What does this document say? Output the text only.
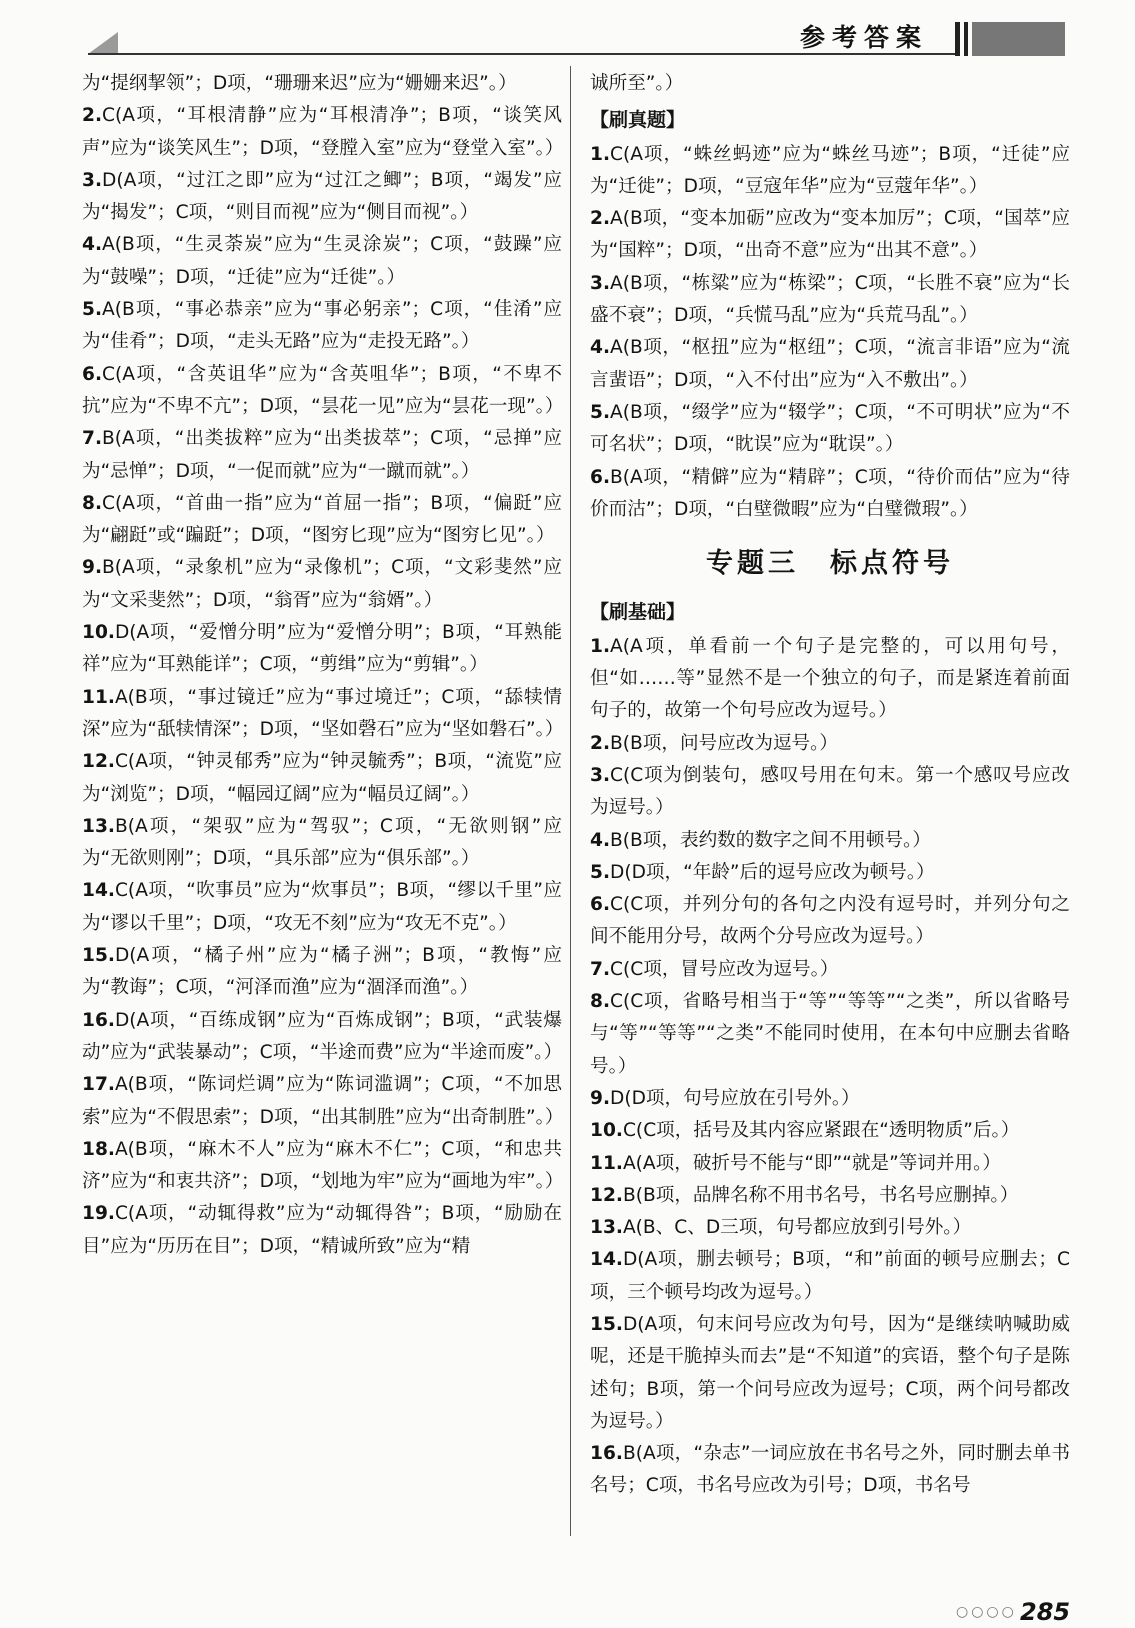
参考答案

为“提纲挈领”；D项，“珊珊来迟”应为“姗姗来迟”。）

2.C(A项，“耳根清静”应为“耳根清净”；B项，“谈笑风声”应为“谈笑风生”；D项，“登膛入室”应为“登堂入室”。）

3.D(A项，“过江之即”应为“过江之鲫”；B项，“竭发”应为“揭发”；C项，“则目而视”应为“侧目而视”。）

4.A(B项，“生灵荼炭”应为“生灵涂炭”；C项，“鼓躁”应为“鼓噪”；D项，“迁徒”应为“迁徙”。）

5.A(B项，“事必恭亲”应为“事必躬亲”；C项，“佳淆”应为“佳肴”；D项，“走头无路”应为“走投无路”。）

6.C(A项，“含英诅华”应为“含英咀华”；B项，“不卑不抗”应为“不卑不亢”；D项，“昙花一见”应为“昙花一现”。）

7.B(A项，“出类拔粹”应为“出类拔萃”；C项，“忌掸”应为“忌惮”；D项，“一促而就”应为“一蹴而就”。）

8.C(A项，“首曲一指”应为“首屈一指”；B项，“偏跹”应为“翩跹”或“蹁跹”；D项，“图穷匕现”应为“图穷匕见”。）

9.B(A项，“录象机”应为“录像机”；C项，“文彩斐然”应为“文采斐然”；D项，“翁胥”应为“翁婿”。）

10.D(A项，“爱憎分明”应为“爱憎分明”；B项，“耳熟能祥”应为“耳熟能详”；C项，“剪缉”应为“剪辑”。）

11.A(B项，“事过镜迁”应为“事过境迁”；C项，“舔犊情深”应为“舐犊情深”；D项，“坚如磬石”应为“坚如磐石”。）

12.C(A项，“钟灵郁秀”应为“钟灵毓秀”；B项，“流览”应为“浏览”；D项，“幅园辽阔”应为“幅员辽阔”。）

13.B(A项，“架驭”应为“驾驭”；C项，“无欲则钢”应为“无欲则刚”；D项，“具乐部”应为“俱乐部”。）

14.C(A项，“吹事员”应为“炊事员”；B项，“缪以千里”应为“谬以千里”；D项，“攻无不刻”应为“攻无不克”。）

15.D(A项，“橘子州”应为“橘子洲”；B项，“教悔”应为“教诲”；C项，“河泽而渔”应为“涸泽而渔”。）

16.D(A项，“百练成钢”应为“百炼成钢”；B项，“武装爆动”应为“武装暴动”；C项，“半途而费”应为“半途而废”。）

17.A(B项，“陈词烂调”应为“陈词滥调”；C项，“不加思索”应为“不假思索”；D项，“出其制胜”应为“出奇制胜”。）

18.A(B项，“麻木不人”应为“麻木不仁”；C项，“和忠共济”应为“和衷共济”；D项，“划地为牢”应为“画地为牢”。）

19.C(A项，“动辄得救”应为“动辄得咎”；B项，“励励在目”应为“历历在目”；D项，“精诚所致”应为“精

诚所至”。）

【刷真题】

1.C(A项，“蛛丝蚂迹”应为“蛛丝马迹”；B项，“迁徒”应为“迁徙”；D项，“豆寇年华”应为“豆蔻年华”。）

2.A(B项，“变本加砺”应改为“变本加厉”；C项，“国萃”应为“国粹”；D项，“出奇不意”应为“出其不意”。）

3.A(B项，“栋粱”应为“栋梁”；C项，“长胜不衰”应为“长盛不衰”；D项，“兵慌马乱”应为“兵荒马乱”。）

4.A(B项，“枢扭”应为“枢纽”；C项，“流言非语”应为“流言蜚语”；D项，“入不付出”应为“入不敷出”。）

5.A(B项，“缀学”应为“辍学”；C项，“不可明状”应为“不可名状”；D项，“眈误”应为“耽误”。）

6.B(A项，“精僻”应为“精辟”；C项，“待价而估”应为“待价而沽”；D项，“白壁微暇”应为“白璧微瑕”。）

专题三　标点符号
【刷基础】

1.A(A项，单看前一个句子是完整的，可以用句号，但“如……等”显然不是一个独立的句子，而是紧连着前面句子的，故第一个句号应改为逗号。）

2.B(B项，问号应改为逗号。）

3.C(C项为倒装句，感叹号用在句末。第一个感叹号应改为逗号。）

4.B(B项，表约数的数字之间不用顿号。）

5.D(D项，“年龄”后的逗号应改为顿号。）

6.C(C项，并列分句的各句之内没有逗号时，并列分句之间不能用分号，故两个分号应改为逗号。）

7.C(C项，冒号应改为逗号。）

8.C(C项，省略号相当于“等”“等等”“之类”，所以省略号与“等”“等等”“之类”不能同时使用，在本句中应删去省略号。）

9.D(D项，句号应放在引号外。）

10.C(C项，括号及其内容应紧跟在“透明物质”后。）

11.A(A项，破折号不能与“即”“就是”等词并用。）

12.B(B项，品牌名称不用书名号，书名号应删掉。）

13.A(B、C、D三项，句号都应放到引号外。）

14.D(A项，删去顿号；B项，“和”前面的顿号应删去；C项，三个顿号均改为逗号。）

15.D(A项，句末问号应改为句号，因为“是继续呐喊助威呢，还是干脆掉头而去”是“不知道”的宾语，整个句子是陈述句；B项，第一个问号应改为逗号；C项，两个问号都改为逗号。）

16.B(A项，“杂志”一词应放在书名号之外，同时删去单书名号；C项，书名号应改为引号；D项，书名号

○○○○ 285
